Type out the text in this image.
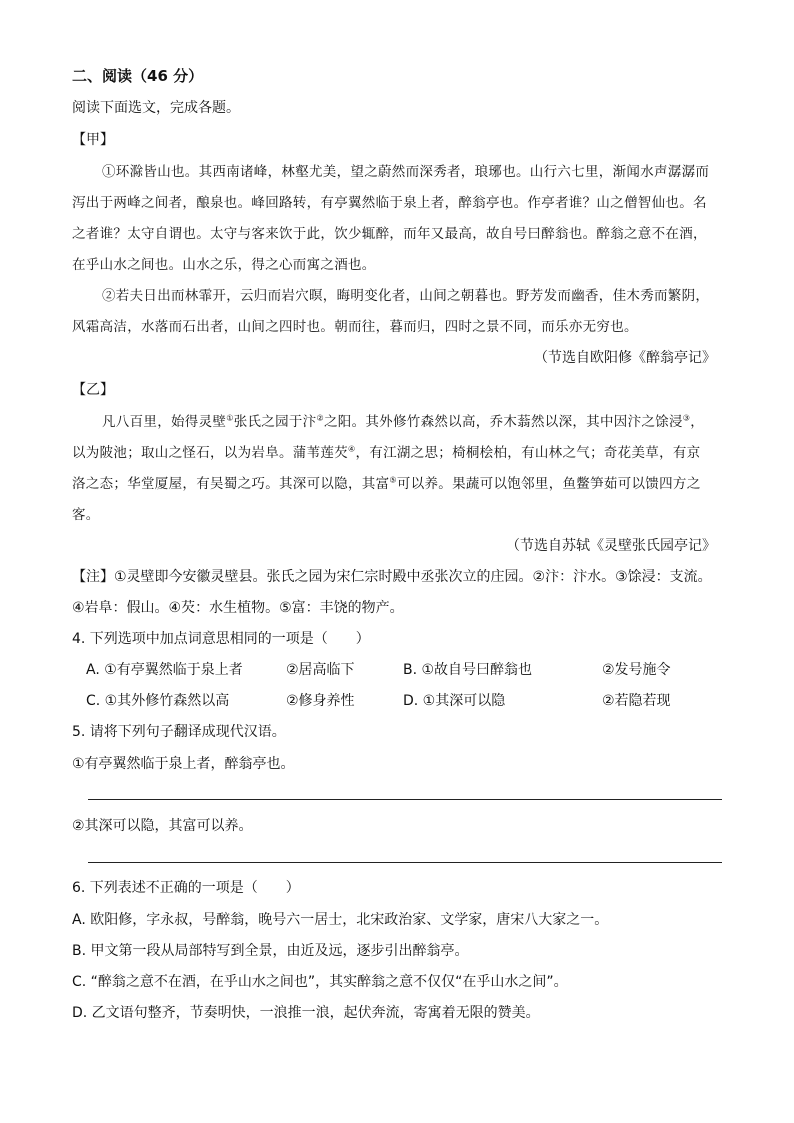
二、阅读（46 分）
阅读下面选文，完成各题。
【甲】
①环滁皆山也。其西南诸峰，林壑尤美，望之蔚然而深秀者，琅琊也。山行六七里，渐闻水声潺潺而
泻出于两峰之间者，酿泉也。峰回路转，有亭翼然临于泉上者，醉翁亭也。作亭者谁？山之僧智仙也。名
之者谁？太守自谓也。太守与客来饮于此，饮少辄醉，而年又最高，故自号曰醉翁也。醉翁之意不在酒，
在乎山水之间也。山水之乐，得之心而寓之酒也。
②若夫日出而林霏开，云归而岩穴暝，晦明变化者，山间之朝暮也。野芳发而幽香，佳木秀而繁阴，
风霜高洁，水落而石出者，山间之四时也。朝而往，暮而归，四时之景不同，而乐亦无穷也。
（节选自欧阳修《醉翁亭记》
【乙】
凡八百里，始得灵壁①张氏之园于汴②之阳。其外修竹森然以高，乔木蓊然以深，其中因汴之馀浸③，
以为陂池；取山之怪石，以为岩阜。蒲苇莲芡④，有江湖之思；椅桐桧柏，有山林之气；奇花美草，有京
洛之态；华堂厦屋，有吴蜀之巧。其深可以隐，其富⑤可以养。果蔬可以饱邻里，鱼鳖笋茹可以馈四方之
客。
（节选自苏轼《灵壁张氏园亭记》
【注】①灵壁即今安徽灵壁县。张氏之园为宋仁宗时殿中丞张次立的庄园。②汴：汴水。③馀浸：支流。
④岩阜：假山。④芡：水生植物。⑤富：丰饶的物产。
4. 下列选项中加点词意思相同的一项是（　　）
A. ①有亭翼然临于泉上者	②居高临下	B. ①故自号曰醉翁也	②发号施令
C. ①其外修竹森然以高	②修身养性	D. ①其深可以隐	②若隐若现
5. 请将下列句子翻译成现代汉语。
①有亭翼然临于泉上者，醉翁亭也。
②其深可以隐，其富可以养。
6. 下列表述不正确的一项是（　　）
A. 欧阳修，字永叔，号醉翁，晚号六一居士，北宋政治家、文学家，唐宋八大家之一。
B. 甲文第一段从局部特写到全景，由近及远，逐步引出醉翁亭。
C. “醉翁之意不在酒，在乎山水之间也”，其实醉翁之意不仅仅“在乎山水之间”。
D. 乙文语句整齐，节奏明快，一浪推一浪，起伏奔流，寄寓着无限的赞美。
